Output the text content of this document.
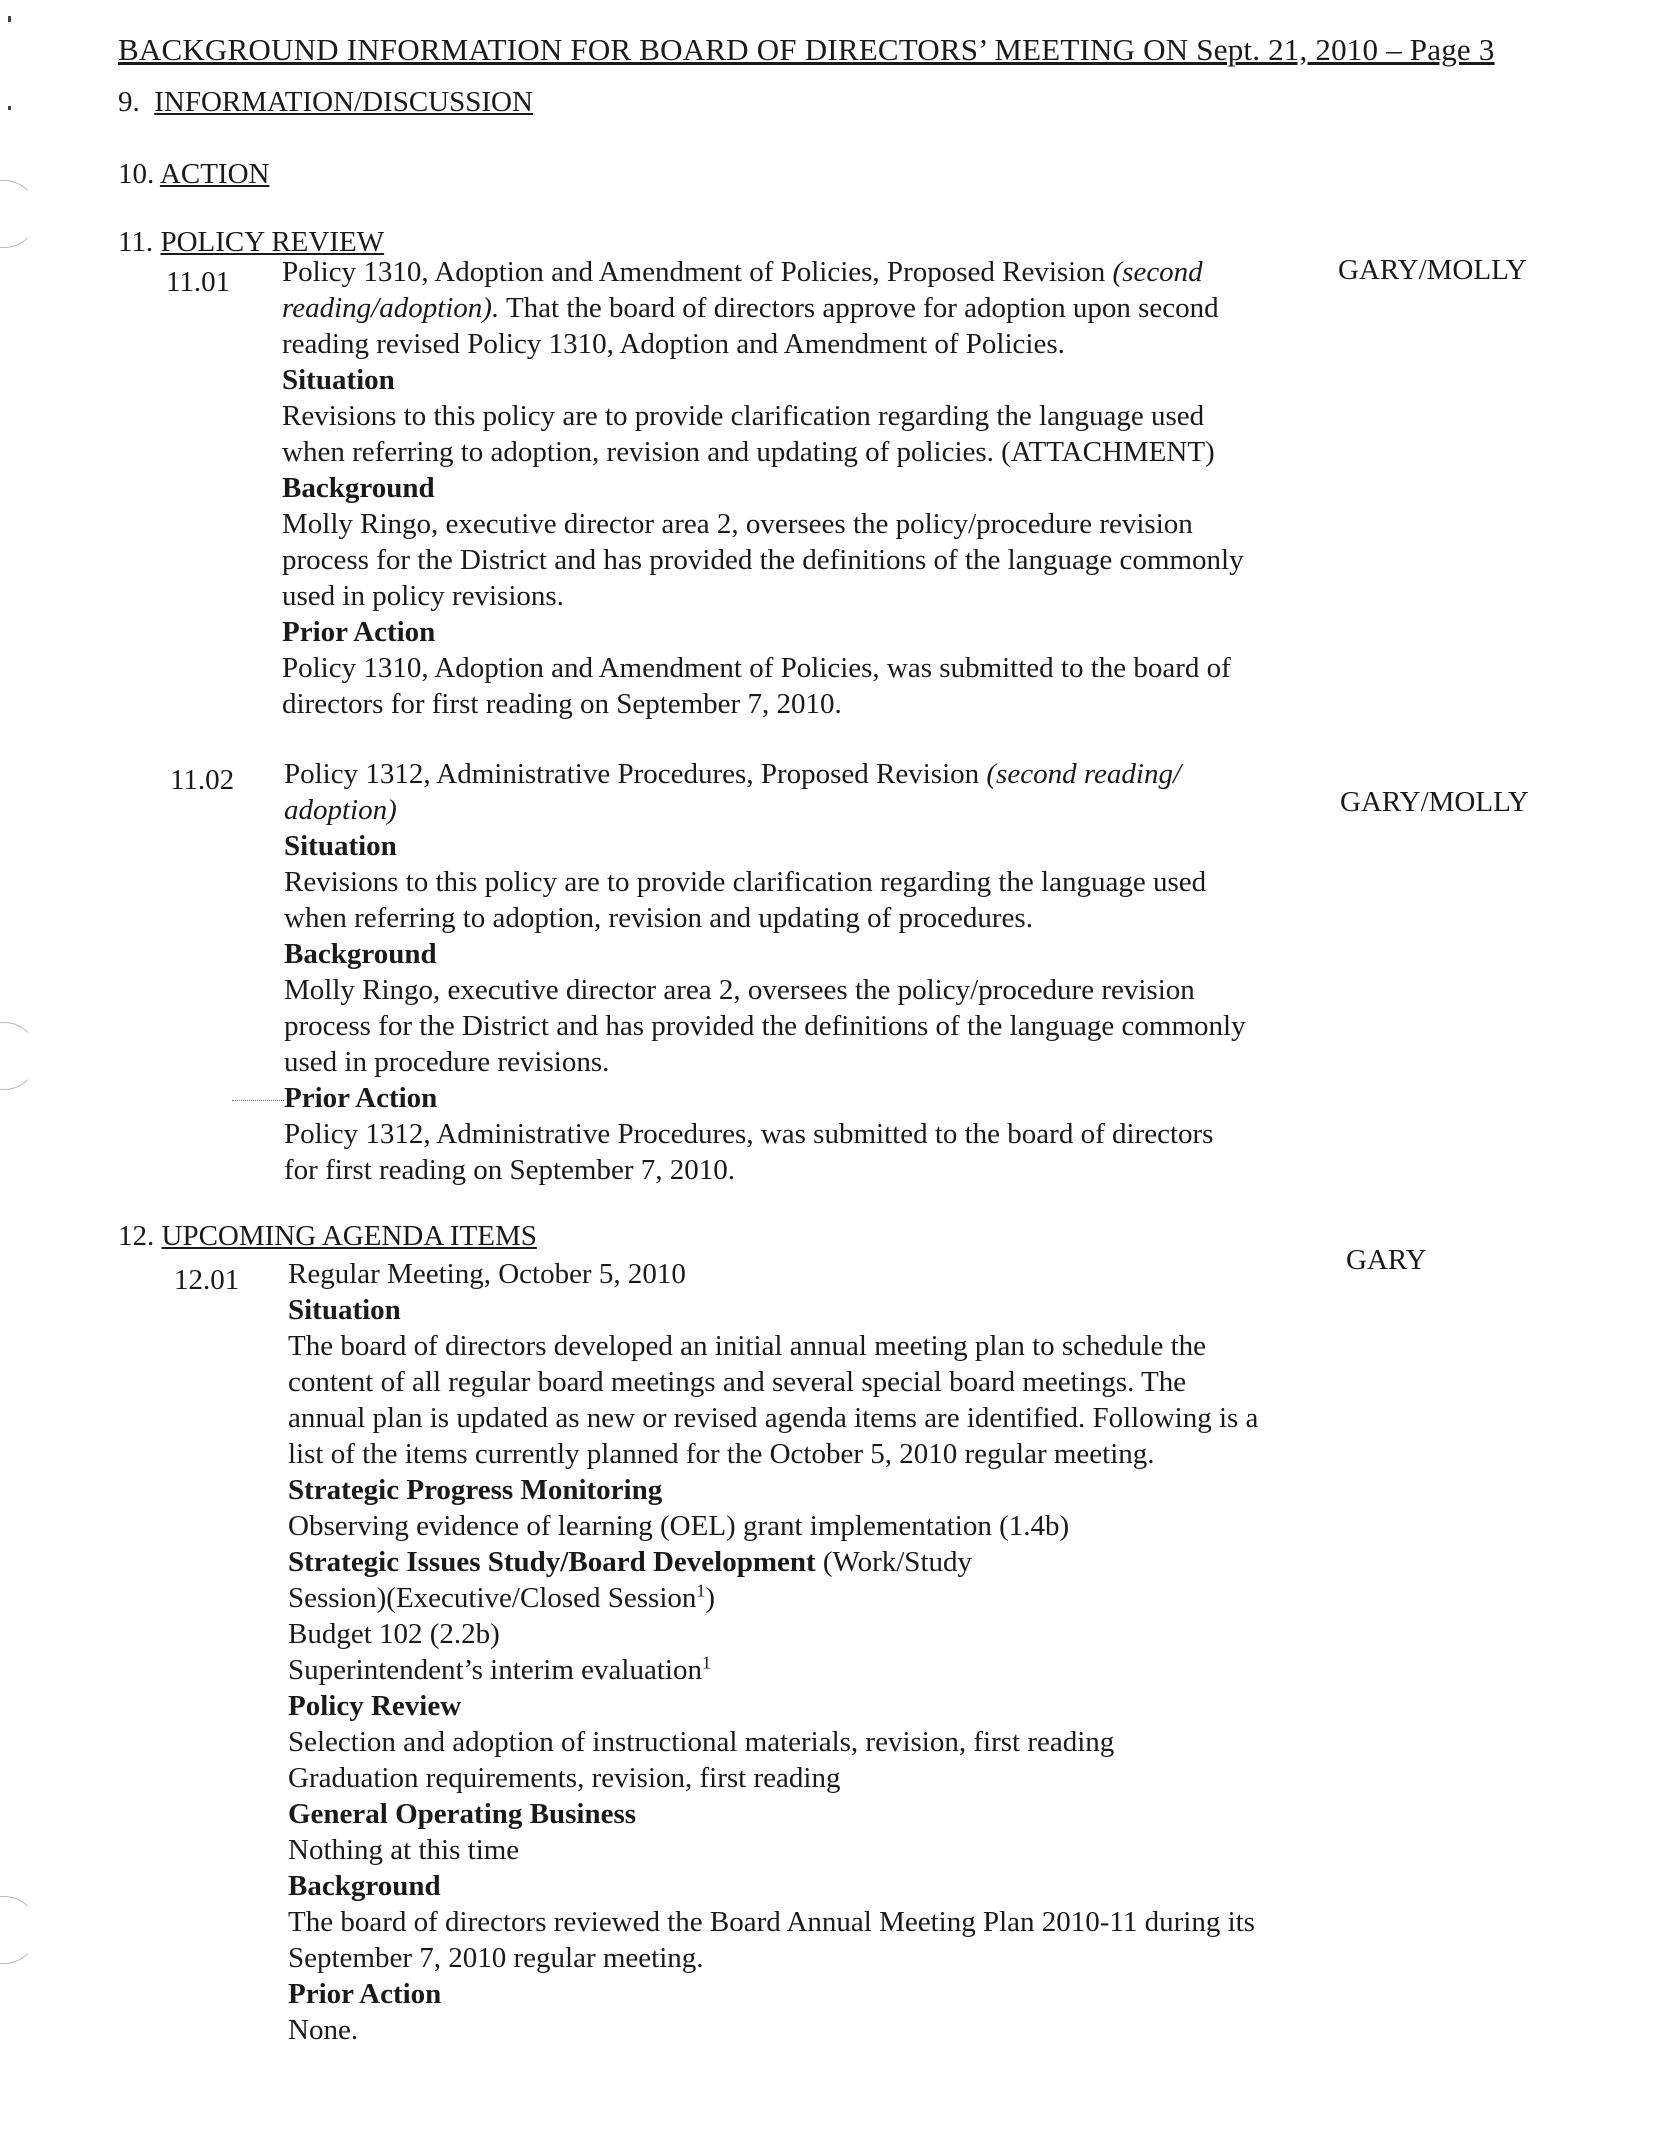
BACKGROUND INFORMATION FOR BOARD OF DIRECTORS’ MEETING ON Sept. 21, 2010 – Page 3
9. INFORMATION/DISCUSSION
10. ACTION
11. POLICY REVIEW
11.01	GARY/MOLLY
Policy 1310, Adoption and Amendment of Policies, Proposed Revision (second
reading/adoption). That the board of directors approve for adoption upon second
reading revised Policy 1310, Adoption and Amendment of Policies.
Situation
Revisions to this policy are to provide clarification regarding the language used
when referring to adoption, revision and updating of policies. (ATTACHMENT)
Background
Molly Ringo, executive director area 2, oversees the policy/procedure revision
process for the District and has provided the definitions of the language commonly
used in policy revisions.
Prior Action
Policy 1310, Adoption and Amendment of Policies, was submitted to the board of
directors for first reading on September 7, 2010.
11.02
GARY/MOLLY
Policy 1312, Administrative Procedures, Proposed Revision (second reading/
adoption)
Situation
Revisions to this policy are to provide clarification regarding the language used
when referring to adoption, revision and updating of procedures.
Background
Molly Ringo, executive director area 2, oversees the policy/procedure revision
process for the District and has provided the definitions of the language commonly
used in procedure revisions.
Prior Action
Policy 1312, Administrative Procedures, was submitted to the board of directors
for first reading on September 7, 2010.
12. UPCOMING AGENDA ITEMS
12.01
GARY
Regular Meeting, October 5, 2010
Situation
The board of directors developed an initial annual meeting plan to schedule the
content of all regular board meetings and several special board meetings. The
annual plan is updated as new or revised agenda items are identified. Following is a
list of the items currently planned for the October 5, 2010 regular meeting.
Strategic Progress Monitoring
Observing evidence of learning (OEL) grant implementation (1.4b)
Strategic Issues Study/Board Development (Work/Study
Session)(Executive/Closed Session$^1$)
Budget 102 (2.2b)
Superintendent’s interim evaluation$^1$
Policy Review
Selection and adoption of instructional materials, revision, first reading
Graduation requirements, revision, first reading
General Operating Business
Nothing at this time
Background
The board of directors reviewed the Board Annual Meeting Plan 2010-11 during its
September 7, 2010 regular meeting.
Prior Action
None.
